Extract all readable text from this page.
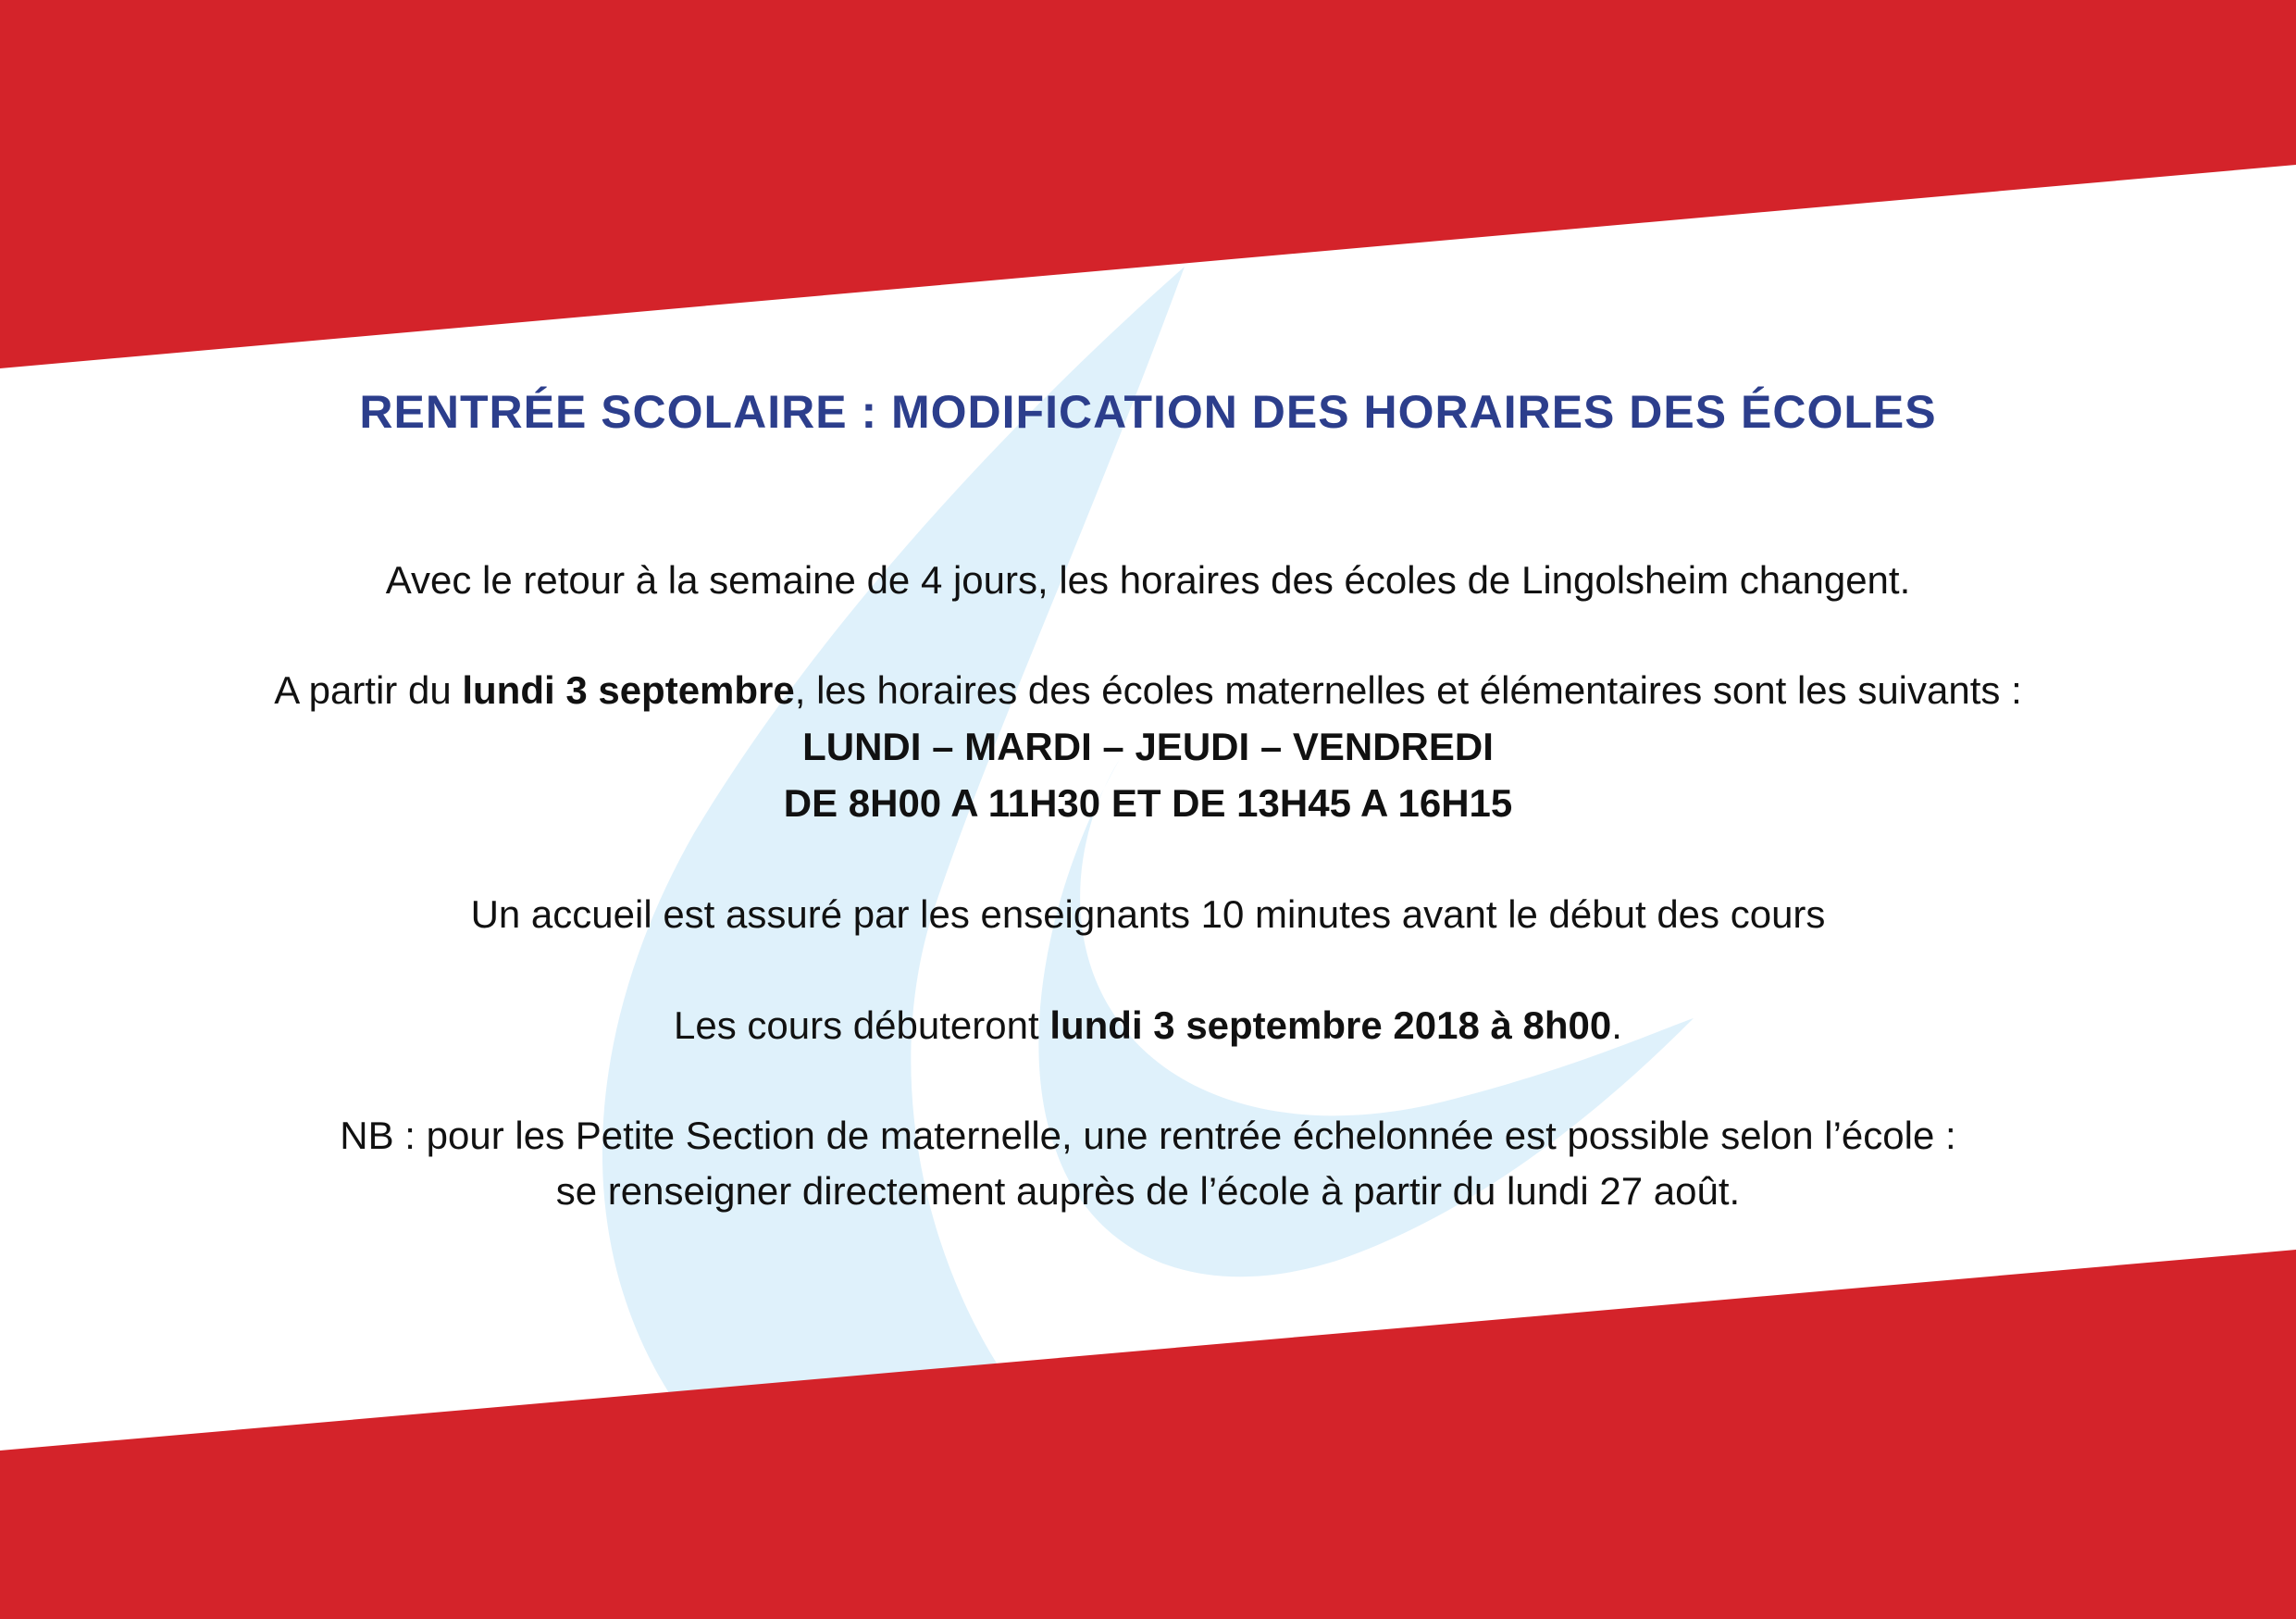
RENTRÉE SCOLAIRE : MODIFICATION DES HORAIRES DES ÉCOLES

Avec le retour à la semaine de 4 jours, les horaires des écoles de Lingolsheim changent.

A partir du lundi 3 septembre, les horaires des écoles maternelles et élémentaires sont les suivants :

LUNDI – MARDI – JEUDI – VENDREDI

DE 8H00 A 11H30 ET DE 13H45 A 16H15

Un accueil est assuré par les enseignants 10 minutes avant le début des cours

Les cours débuteront lundi 3 septembre 2018 à 8h00.

NB : pour les Petite Section de maternelle, une rentrée échelonnée est possible selon l’école :

se renseigner directement auprès de l’école à partir du lundi 27 août.
